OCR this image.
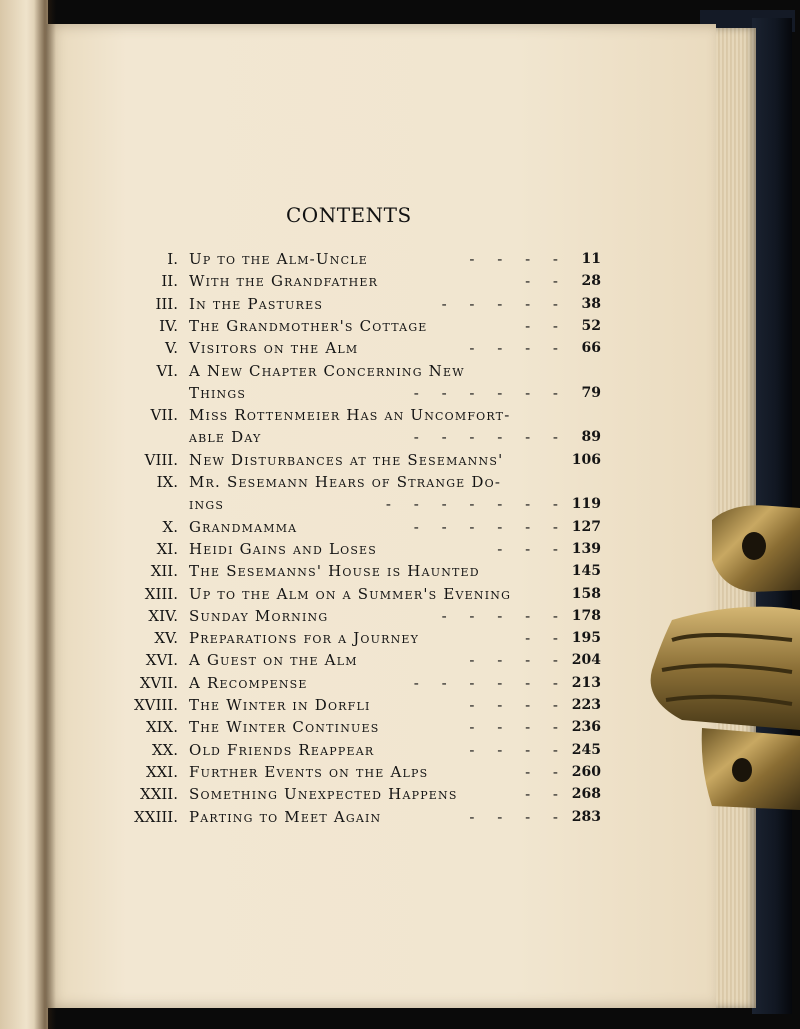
CONTENTS
I. Up to the Alm-Uncle	- - - - 11
II. With the Grandfather	- - 28
III. In the Pastures	- - - - - 38
IV. The Grandmother's Cottage	- - 52
V. Visitors on the Alm	- - - - 66
VI. A New Chapter Concerning New
Things	- - - - - - 79
VII. Miss Rottenmeier Has an Uncomfort-
able Day	- - - - - - 89
VIII. New Disturbances at the Sesemanns'	106
IX. Mr. Sesemann Hears of Strange Do-
ings	- - - - - - - 119
X. Grandmamma	- - - - - - 127
XI. Heidi Gains and Loses	- - - 139
XII. The Sesemanns' House is Haunted	145
XIII. Up to the Alm on a Summer's Evening	158
XIV. Sunday Morning	- - - - - 178
XV. Preparations for a Journey	- - 195
XVI. A Guest on the Alm	- - - - 204
XVII. A Recompense	- - - - - - 213
XVIII. The Winter in Dorfli	- - - - 223
XIX. The Winter Continues	- - - - 236
XX. Old Friends Reappear	- - - - 245
XXI. Further Events on the Alps	- - 260
XXII. Something Unexpected Happens	- - 268
XXIII. Parting to Meet Again	- - - - 283
